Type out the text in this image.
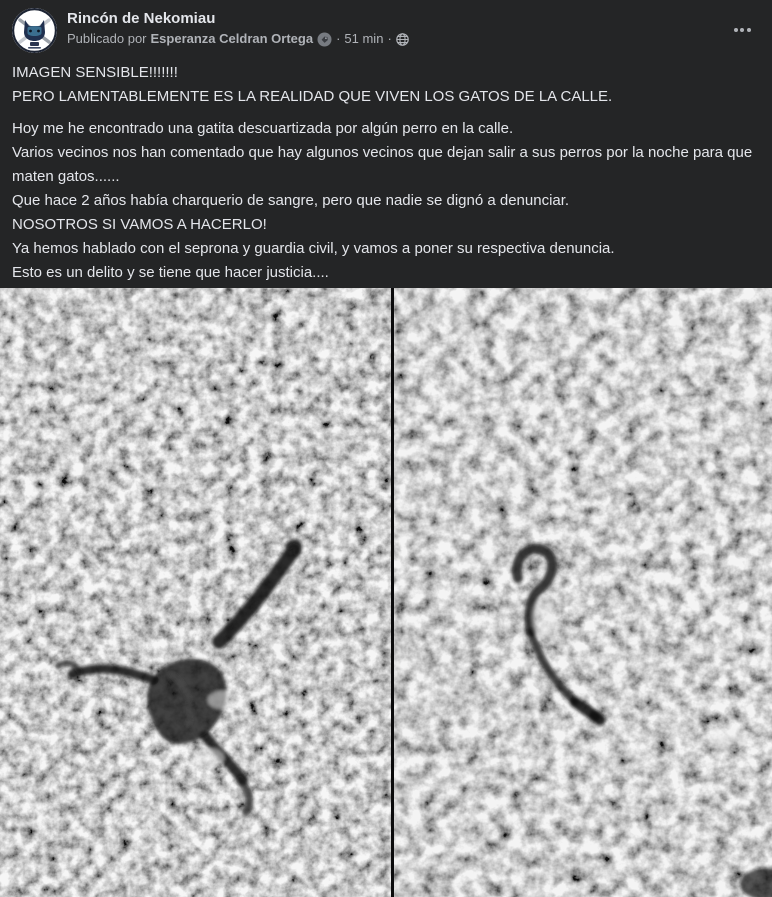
Rincón de Nekomiau
Publicado por Esperanza Celdran Ortega · 51 min ·
IMAGEN SENSIBLE!!!!!!!
PERO LAMENTABLEMENTE ES LA REALIDAD QUE VIVEN LOS GATOS DE LA CALLE.
Hoy me he encontrado una gatita descuartizada por algún perro en la calle.
Varios vecinos nos han comentado que hay algunos vecinos que dejan salir a sus perros por la noche para que maten gatos......
Que hace 2 años había charquerio de sangre, pero que nadie se dignó a denunciar.
NOSOTROS SI VAMOS A HACERLO!
Ya hemos hablado con el seprona y guardia civil, y vamos a poner su respectiva denuncia.
Esto es un delito y se tiene que hacer justicia....
